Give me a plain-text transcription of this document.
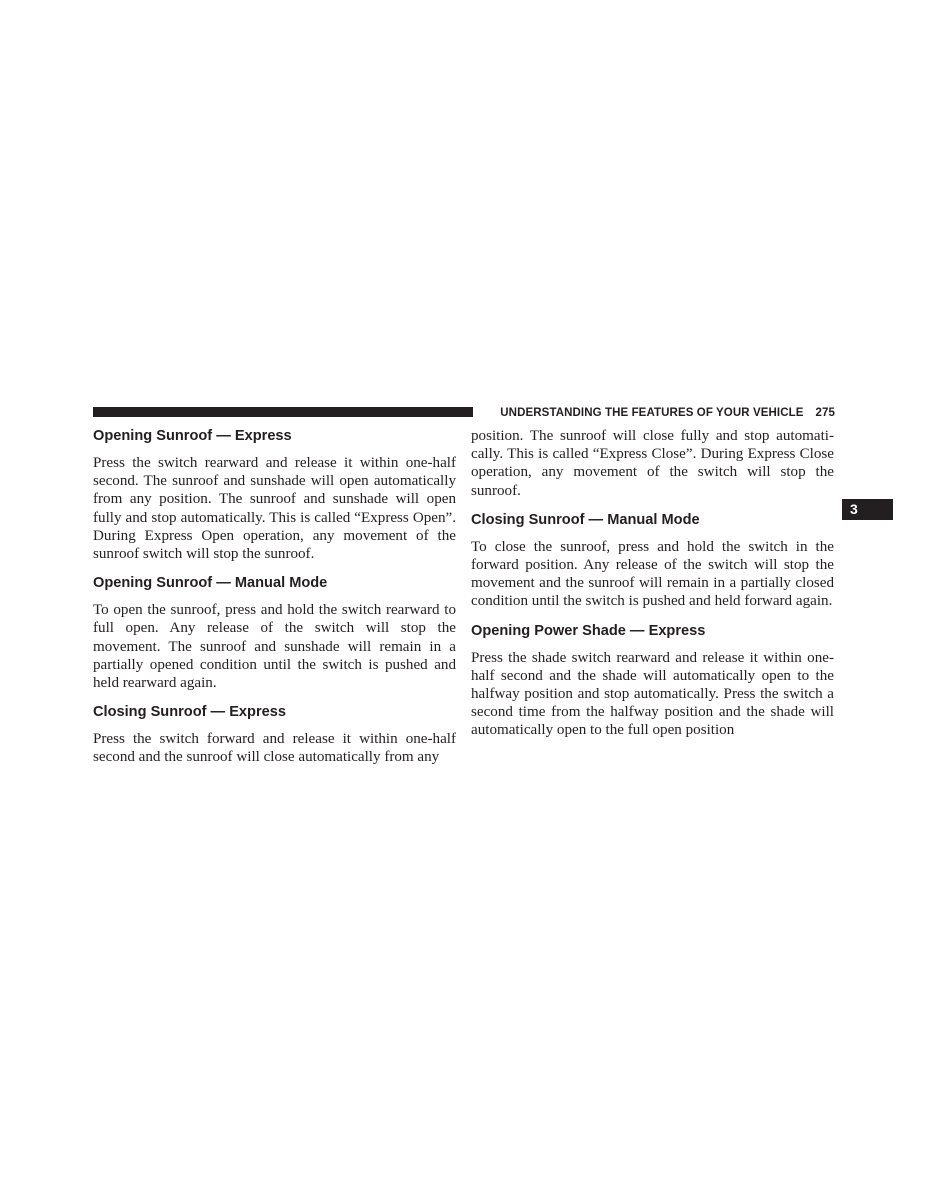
UNDERSTANDING THE FEATURES OF YOUR VEHICLE 275
3
Opening Sunroof — Express

Press the switch rearward and release it within one-half second. The sunroof and sunshade will open automatically from any position. The sunroof and sunshade will open fully and stop automatically. This is called “Express Open”. During Express Open operation, any movement of the sunroof switch will stop the sunroof.

Opening Sunroof — Manual Mode

To open the sunroof, press and hold the switch rearward to full open. Any release of the switch will stop the movement. The sunroof and sunshade will remain in a partially opened condition until the switch is pushed and held rearward again.

Closing Sunroof — Express

Press the switch forward and release it within one-half second and the sunroof will close automatically from any

position. The sunroof will close fully and stop automatically. This is called “Express Close”. During Express Close operation, any movement of the switch will stop the sunroof.

Closing Sunroof — Manual Mode

To close the sunroof, press and hold the switch in the forward position. Any release of the switch will stop the movement and the sunroof will remain in a partially closed condition until the switch is pushed and held forward again.

Opening Power Shade — Express

Press the shade switch rearward and release it within one-half second and the shade will automatically open to the halfway position and stop automatically. Press the switch a second time from the halfway position and the shade will automatically open to the full open position
